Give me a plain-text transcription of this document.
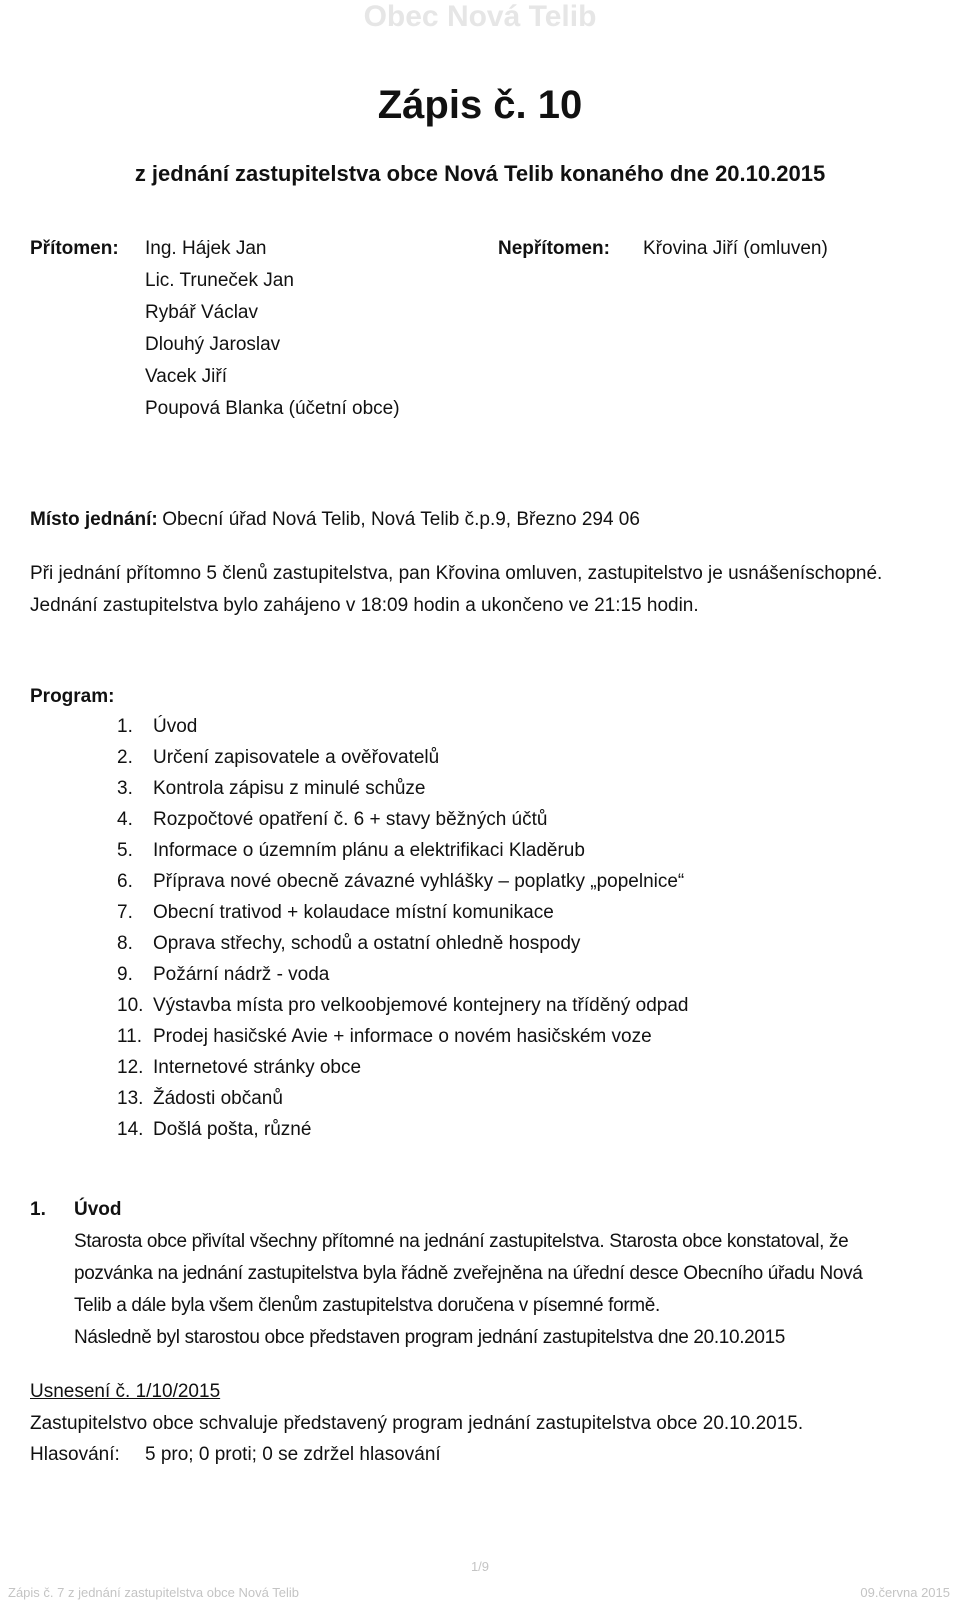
Obec Nová Telib
Zápis č. 10
z jednání zastupitelstva obce Nová Telib konaného dne 20.10.2015
Přítomen: Ing. Hájek Jan
Lic. Truneček Jan
Rybář Václav
Dlouhý Jaroslav
Vacek Jiří
Poupová Blanka (účetní obce)
Nepřítomen: Křovina Jiří (omluven)
Místo jednání: Obecní úřad Nová Telib, Nová Telib č.p.9, Březno 294 06
Při jednání přítomno 5 členů zastupitelstva, pan Křovina omluven, zastupitelstvo je usnášeníschopné.
Jednání zastupitelstva bylo zahájeno v 18:09 hodin a ukončeno ve 21:15 hodin.
Program:
1. Úvod
2. Určení zapisovatele a ověřovatelů
3. Kontrola zápisu z minulé schůze
4. Rozpočtové opatření č. 6 + stavy běžných účtů
5. Informace o územním plánu a elektrifikaci Kladěrub
6. Příprava nové obecně závazné vyhlášky – poplatky „popelnice“
7. Obecní trativod + kolaudace místní komunikace
8. Oprava střechy, schodů a ostatní ohledně hospody
9. Požární nádrž - voda
10. Výstavba místa pro velkoobjemové kontejnery na tříděný odpad
11. Prodej hasičské Avie + informace o novém hasičském voze
12. Internetové stránky obce
13. Žádosti občanů
14. Došlá pošta, různé
1. Úvod
Starosta obce přivítal všechny přítomné na jednání zastupitelstva. Starosta obce konstatoval, že
pozvánka na jednání zastupitelstva byla řádně zveřejněna na úřední desce Obecního úřadu Nová
Telib a dále byla všem členům zastupitelstva doručena v písemné formě.
Následně byl starostou obce představen program jednání zastupitelstva dne 20.10.2015
Usnesení č. 1/10/2015
Zastupitelstvo obce schvaluje představený program jednání zastupitelstva obce 20.10.2015.
Hlasování: 5 pro; 0 proti; 0 se zdržel hlasování
1/9
Zápis č. 7 z jednání zastupitelstva obce Nová Telib	09.června 2015
